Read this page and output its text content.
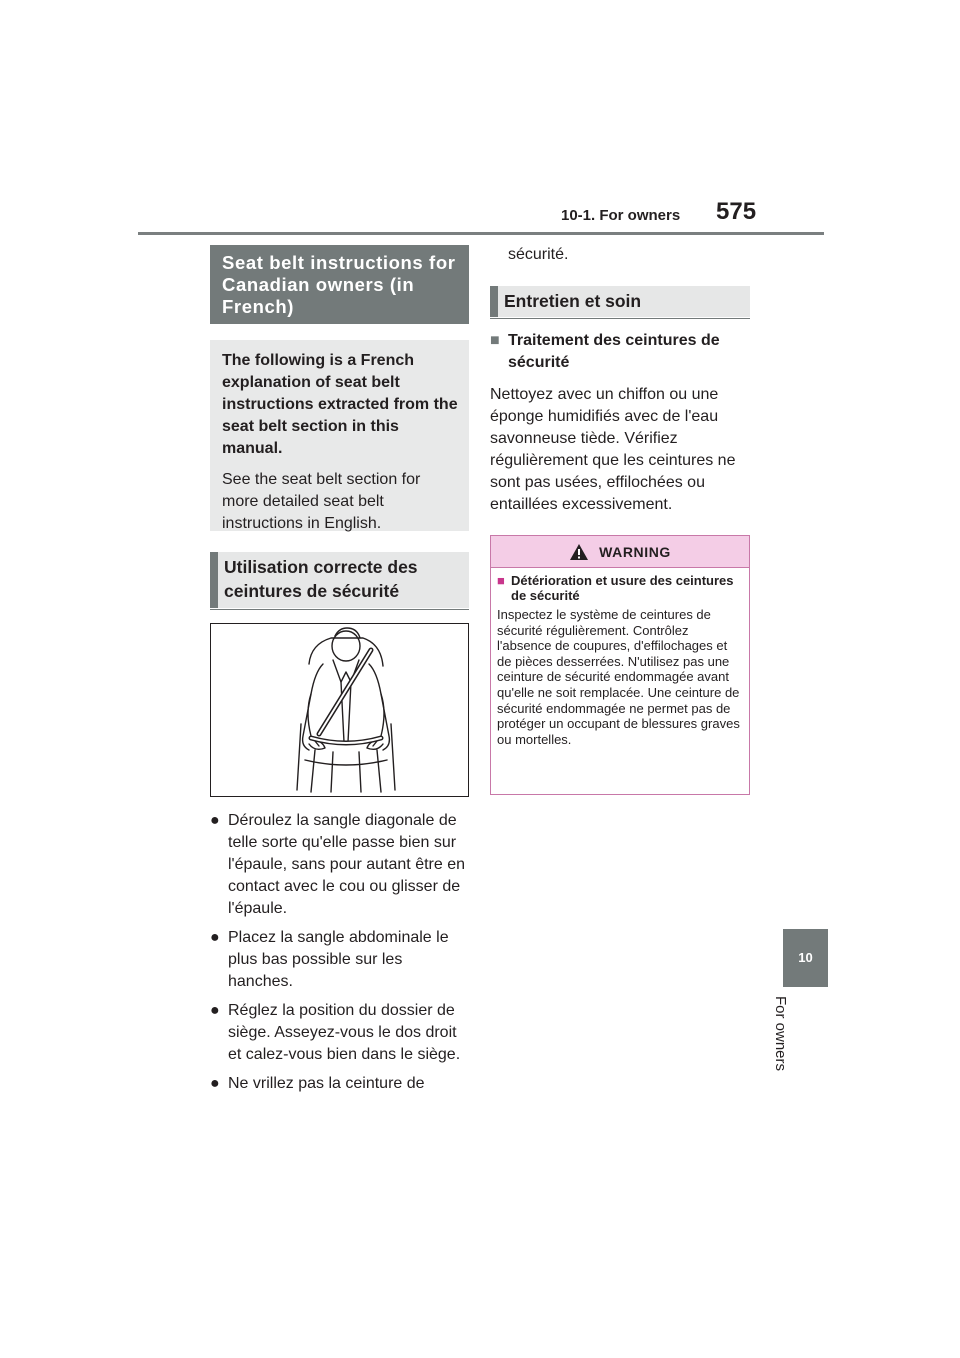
10-1. For owners 575
10
For owners
Seat belt instructions for Canadian owners (in French)

The following is a French explanation of seat belt instructions extracted from the seat belt section in this manual.

See the seat belt section for more detailed seat belt instructions in English.

Utilisation correcte des ceintures de sécurité
● Déroulez la sangle diagonale de telle sorte qu'elle passe bien sur l'épaule, sans pour autant être en contact avec le cou ou glisser de l'épaule.
● Placez la sangle abdominale le plus bas possible sur les hanches.
● Réglez la position du dossier de siège. Asseyez-vous le dos droit et calez-vous bien dans le siège.
● Ne vrillez pas la ceinture de
sécurité.
Entretien et soin
■ Traitement des ceintures de sécurité
Nettoyez avec un chiffon ou une éponge humidifiés avec de l'eau savonneuse tiède. Vérifiez régulièrement que les ceintures ne sont pas usées, effilochées ou entaillées excessivement.
WARNING
■ Détérioration et usure des ceintures de sécurité
Inspectez le système de ceintures de sécurité régulièrement. Contrôlez l'absence de coupures, d'effilochages et de pièces desserrées. N'utilisez pas une ceinture de sécurité endommagée avant qu'elle ne soit remplacée. Une ceinture de sécurité endommagée ne permet pas de protéger un occupant de blessures graves ou mortelles.
